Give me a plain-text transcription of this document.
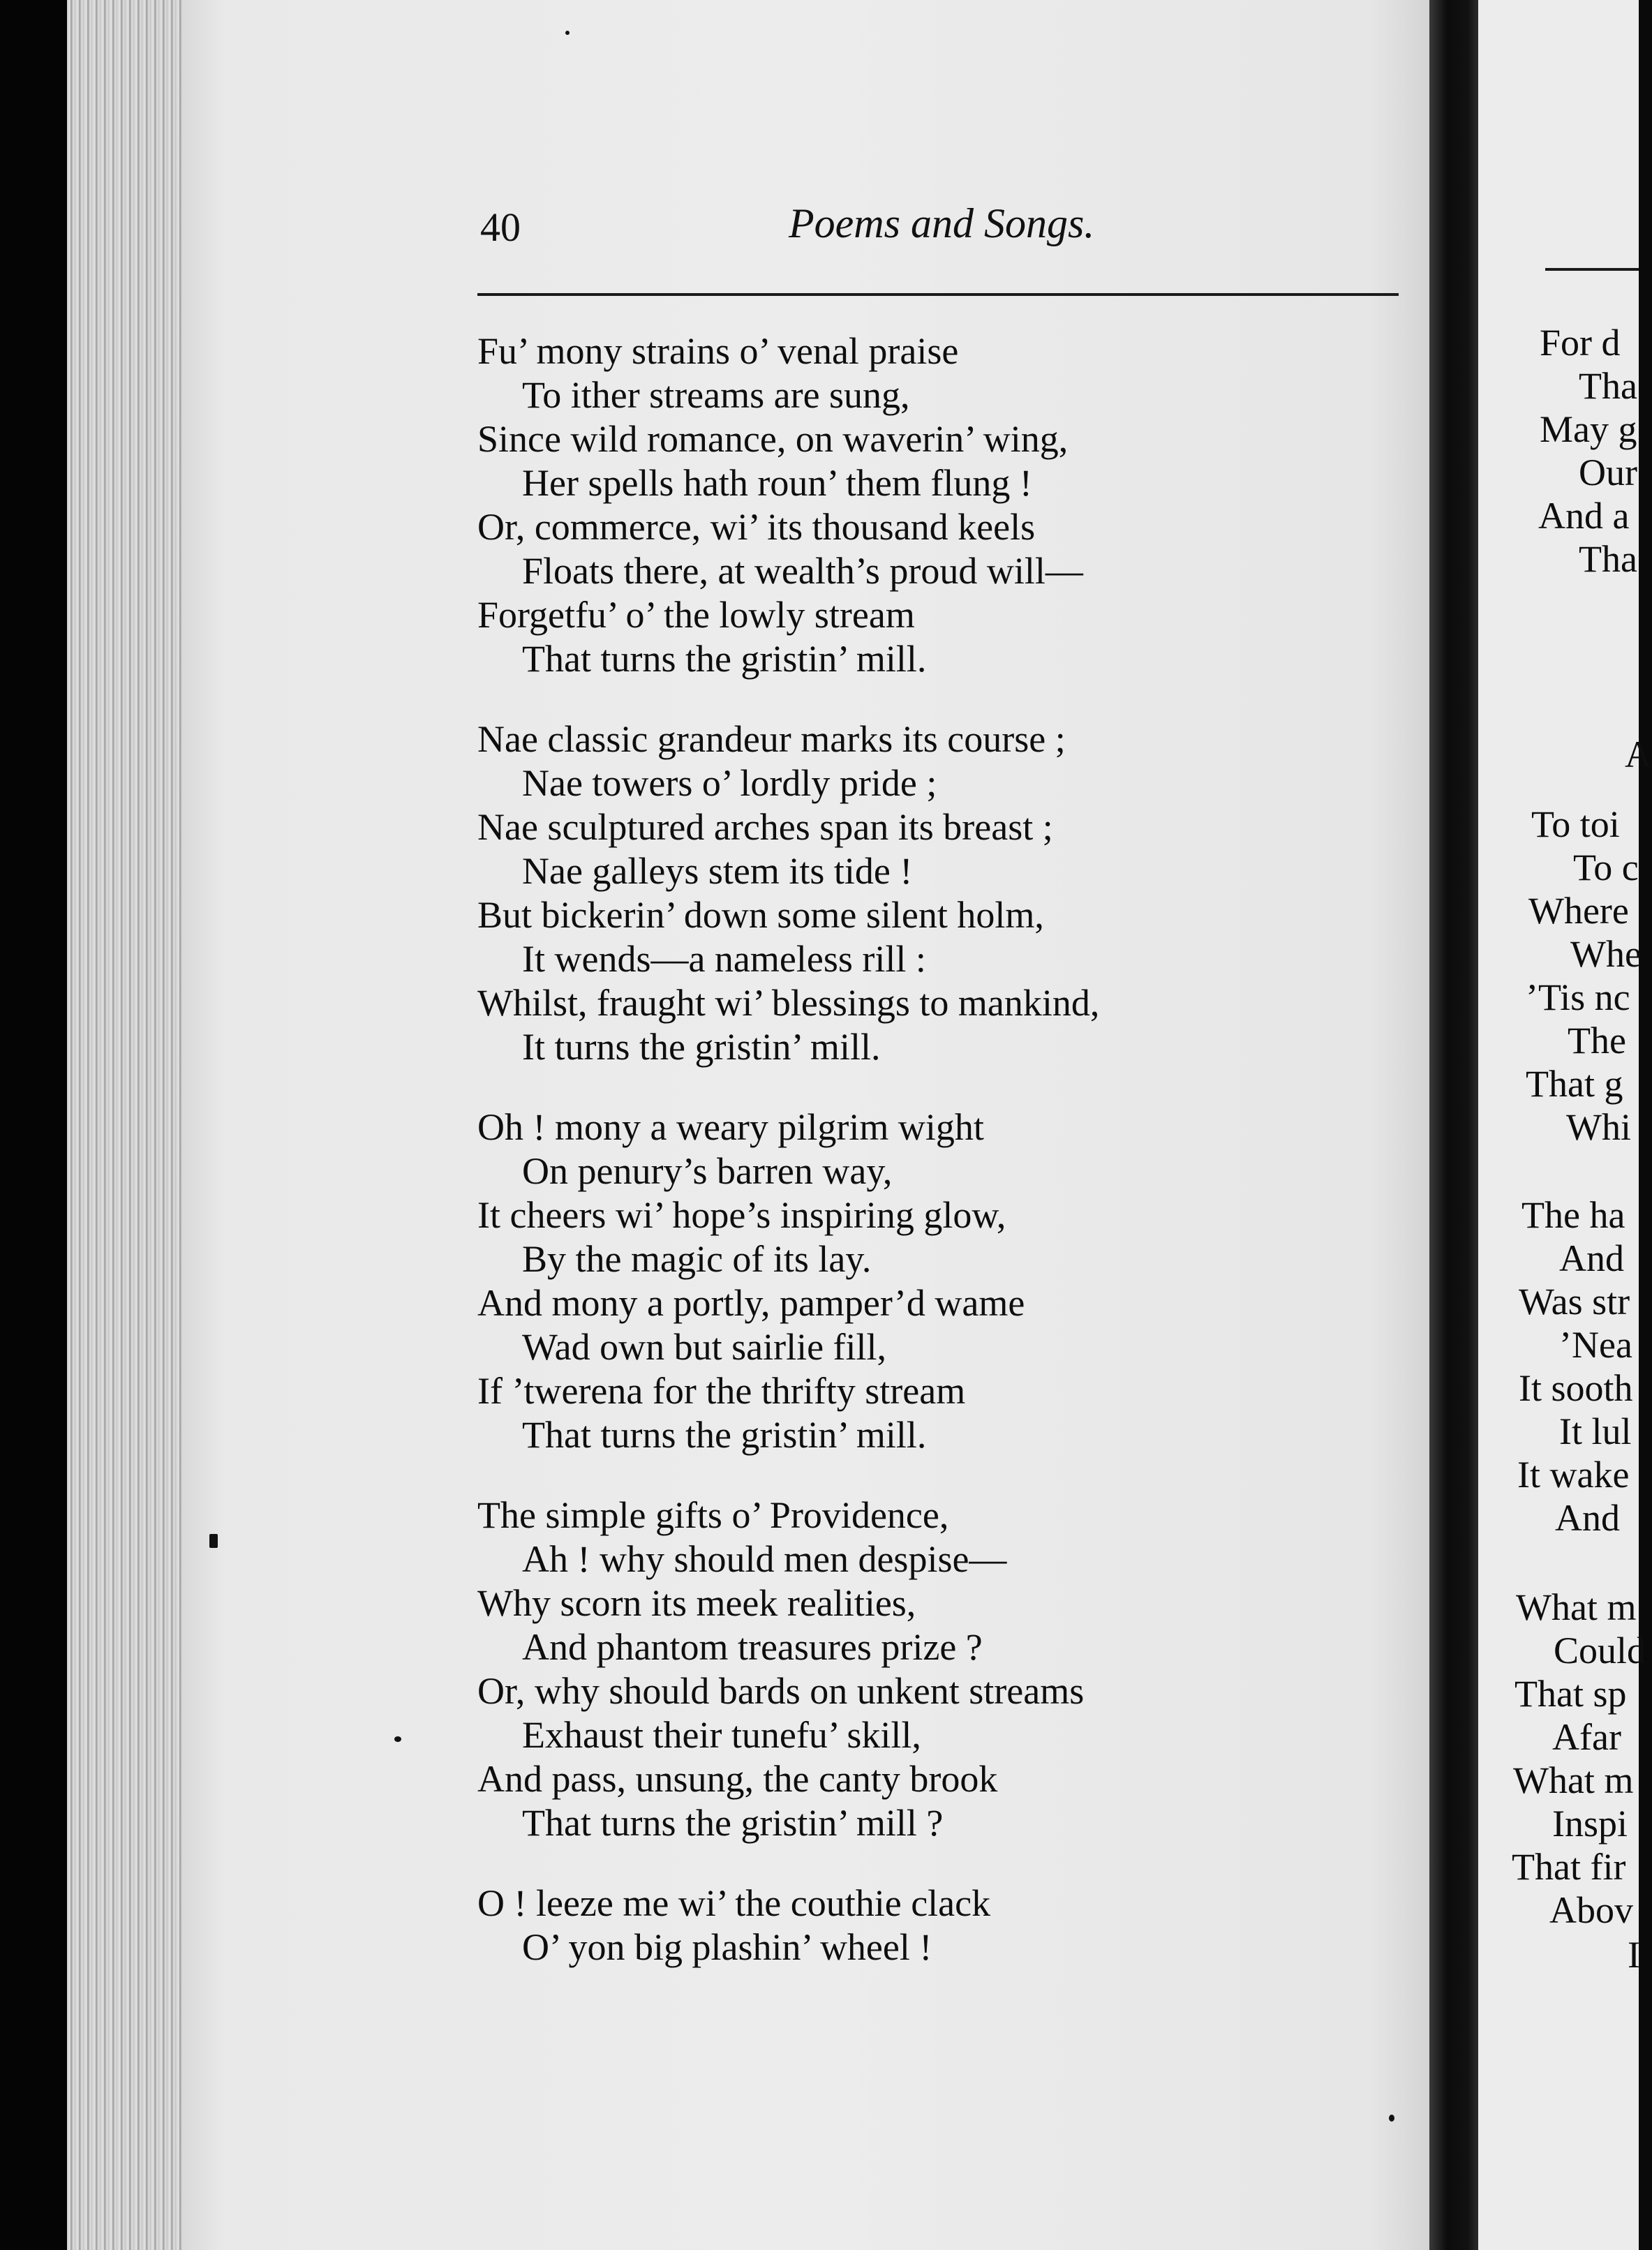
40	Poems and Songs.
Fu’ mony strains o’ venal praise
To ither streams are sung,
Since wild romance, on waverin’ wing,
Her spells hath roun’ them flung !
Or, commerce, wi’ its thousand keels
Floats there, at wealth’s proud will—
Forgetfu’ o’ the lowly stream
That turns the gristin’ mill.
Nae classic grandeur marks its course ;
Nae towers o’ lordly pride ;
Nae sculptured arches span its breast ;
Nae galleys stem its tide !
But bickerin’ down some silent holm,
It wends—a nameless rill :
Whilst, fraught wi’ blessings to mankind,
It turns the gristin’ mill.
Oh ! mony a weary pilgrim wight
On penury’s barren way,
It cheers wi’ hope’s inspiring glow,
By the magic of its lay.
And mony a portly, pamper’d wame
Wad own but sairlie fill,
If ’twerena for the thrifty stream
That turns the gristin’ mill.
The simple gifts o’ Providence,
Ah ! why should men despise—
Why scorn its meek realities,
And phantom treasures prize ?
Or, why should bards on unkent streams
Exhaust their tunefu’ skill,
And pass, unsung, the canty brook
That turns the gristin’ mill ?
O ! leeze me wi’ the couthie clack
O’ yon big plashin’ wheel !
For d
Tha
May g
Our
And a
Tha
A
To toi
To c
Where
Whe
’Tis nc
The
That g
Whi
The ha
And
Was str
’Nea
It sooth
It lul
It wake
And
What m
Could
That sp
Afar
What m
Inspi
That fir
Abov
I
